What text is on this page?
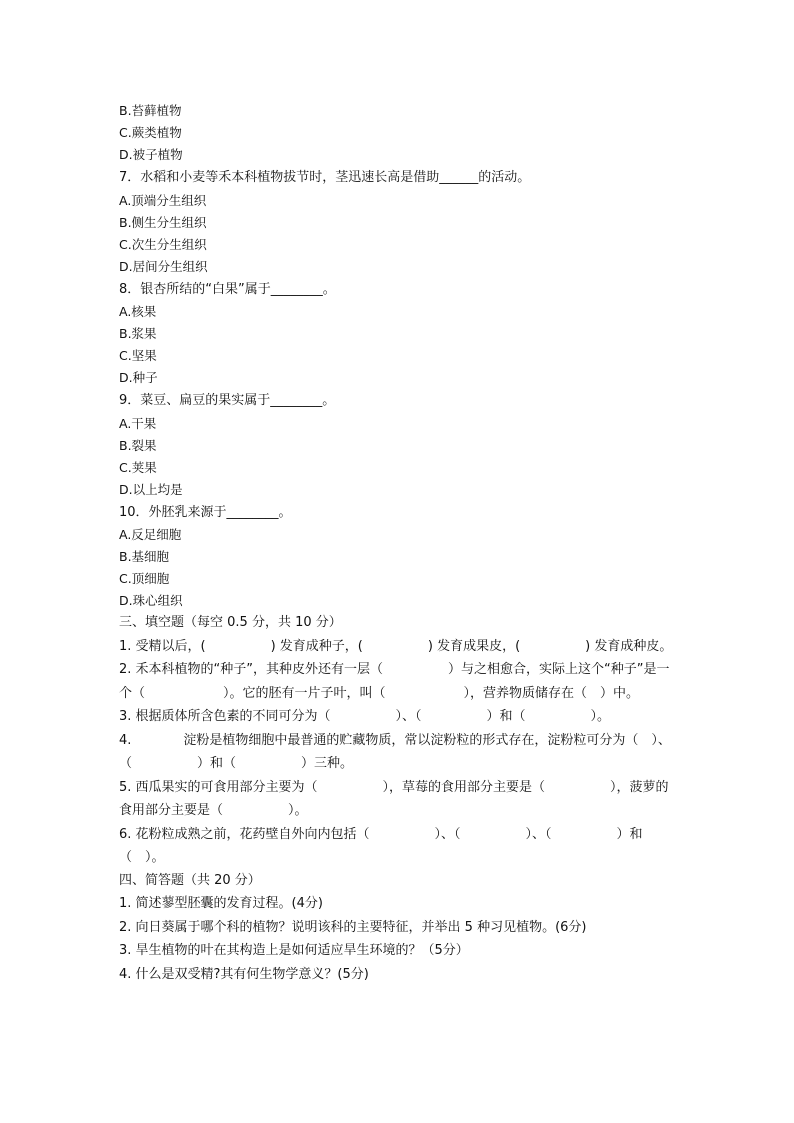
B.苔藓植物
C.蕨类植物
D.被子植物
7．水稻和小麦等禾本科植物拔节时，茎迅速长高是借助______的活动。
A.顶端分生组织
B.侧生分生组织
C.次生分生组织
D.居间分生组织
8．银杏所结的“白果”属于________。
A.核果
B.浆果
C.坚果
D.种子
9．菜豆、扁豆的果实属于________。
A.干果
B.裂果
C.荚果
D.以上均是
10．外胚乳来源于________。
A.反足细胞
B.基细胞
C.顶细胞
D.珠心组织
三、填空题（每空 0.5 分，共 10 分）
1. 受精以后，(　　　　　) 发育成种子，(　　　　　) 发育成果皮，(　　　　　) 发育成种皮。
2. 禾本科植物的“种子”，其种皮外还有一层（　　　　　）与之相愈合，实际上这个“种子”是一个（　　　　　　）。它的胚有一片子叶，叫（　　　　　　），营养物质储存在（　）中。
3. 根据质体所含色素的不同可分为（　　　　　）、（　　　　　）和（　　　　　）。
4.　　　　淀粉是植物细胞中最普通的贮藏物质，常以淀粉粒的形式存在，淀粉粒可分为（　）、（　　　　　）和（　　　　　）三种。
5. 西瓜果实的可食用部分主要为（　　　　　），草莓的食用部分主要是（　　　　　），菠萝的食用部分主要是（　　　　　）。
6. 花粉粒成熟之前，花药壁自外向内包括（　　　　　）、（　　　　　）、（　　　　　）和（　）。
四、简答题（共 20 分）
1. 简述蓼型胚囊的发育过程。(4分)
2. 向日葵属于哪个科的植物？说明该科的主要特征，并举出 5 种习见植物。(6分)
3. 旱生植物的叶在其构造上是如何适应旱生环境的？（5分）
4. 什么是双受精?其有何生物学意义？(5分)
